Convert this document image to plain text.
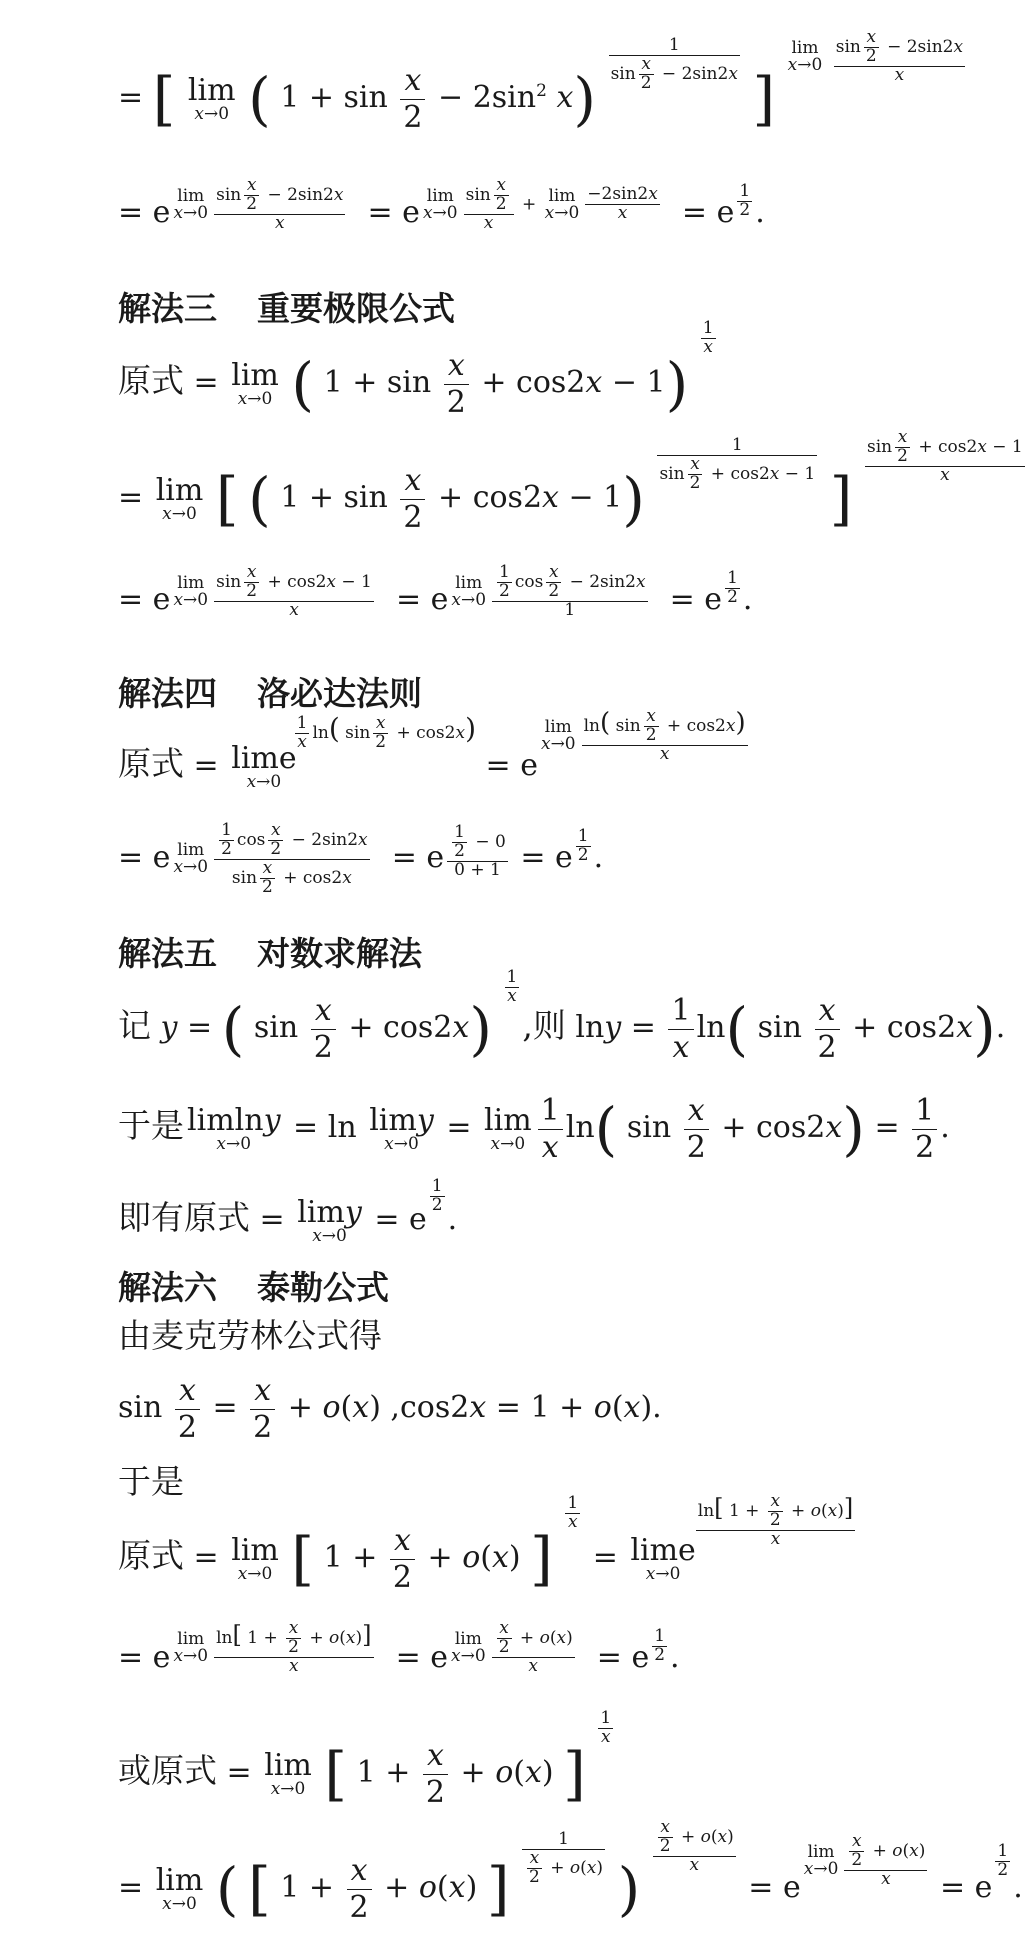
= [ lim
x→0 ( $1 + \sin \frac{x}{2} - 2\sin^2$ x)
$\frac{1}{\sin \frac{x}{2} - 2\sin 2x}$
]
lim
x→0
$\frac{\sin \frac{x}{2} - 2\sin 2x}{x}$
= e lim
$x\to 0 \frac{\sin \frac{x}{2} - 2\sin 2x}{x} = e$ lim
$x\to 0 \frac{\sin \frac{x}{2}}{x} + \lim$
$x\to 0 \frac{-2\sin 2x}{x} = e \frac{1}{2}$ .
解法三 重要极限公式
原式 = lim
x→0 ( $1 + \sin \frac{x}{2} + \cos 2x - 1$)
$\frac{1}{x}$
= lim
x→0 [ ( $1 + \sin \frac{x}{2} + \cos 2x - 1$)
$\frac{1}{\sin \frac{x}{2} + \cos 2x - 1}$
]
$\frac{\sin \frac{x}{2} + \cos 2x - 1}{x}$
= e lim
$x\to 0 \frac{\sin \frac{x}{2} + \cos 2x - 1}{x} = e$ lim
$x\to 0 \frac{\frac{1}{2} \cos \frac{x}{2} - 2\sin 2x}{1} = e \frac{1}{2}$ .
解法四 洛必达法则
原式 = lime
x→0
$\frac{1}{x} \ln$( $\sin \frac{x}{2} + \cos 2x) = e$
lim
$x\to 0 \frac{\ln( \sin \frac{x}{2} + \cos 2x)}{x}$
= e lim
$x\to 0 \frac{\frac{1}{2} \cos \frac{x}{2} - 2\sin 2x}{\sin \frac{x}{2} + \cos 2x} = e \frac{\frac{1}{2} - 0}{0 + 1} = e \frac{1}{2}$ .
解法五 对数求解法
记 y = ( $\sin \frac{x}{2} + \cos 2x$)
$\frac{1}{x}$
,则 $\ln y = \frac{1}{x} \ln$( $\sin \frac{x}{2} + \cos 2x$).
于是 limlny
x→0	= ln limy
x→0 = lim
$x\to 0 \frac{1}{x} \ln$( $\sin \frac{x}{2} + \cos 2x) = \frac{1}{2}$ .
即有原式 = limy
x→0 = e
$\frac{1}{2}$
.
解法六 泰勒公式
由麦克劳林公式得
$\sin \frac{x}{2} = \frac{x}{2} + o(x) ,\cos 2x = 1 + o(x)$.
于是
原式 = lim
x→0 [ $1 + \frac{x}{2} + o(x)$ ]
$\frac{1}{x}$
= lime
x→0
$\frac{\ln[ 1 + \frac{x}{2} + o(x)]}{x}$
= e
lim
$x\to 0 \frac{\ln[ 1 + \frac{x}{2} + o(x)]}{x} = e$
lim
$x\to 0 \frac{\frac{x}{2} + o(x)}{x} = e \frac{1}{2}$ .
或原式 = lim
x→0 [ $1 + \frac{x}{2} + o(x)$ ]
$\frac{1}{x}$
= lim
x→0 ( [ $1 + \frac{x}{2} + o(x)$ ] $\frac{1}{\frac{x}{2} + o(x)}$ )
$\frac{\frac{x}{2} + o(x)}{x}$
= e
lim
$x\to 0 \frac{\frac{x}{2} + o(x)}{x} = e$
$\frac{1}{2}$
.
